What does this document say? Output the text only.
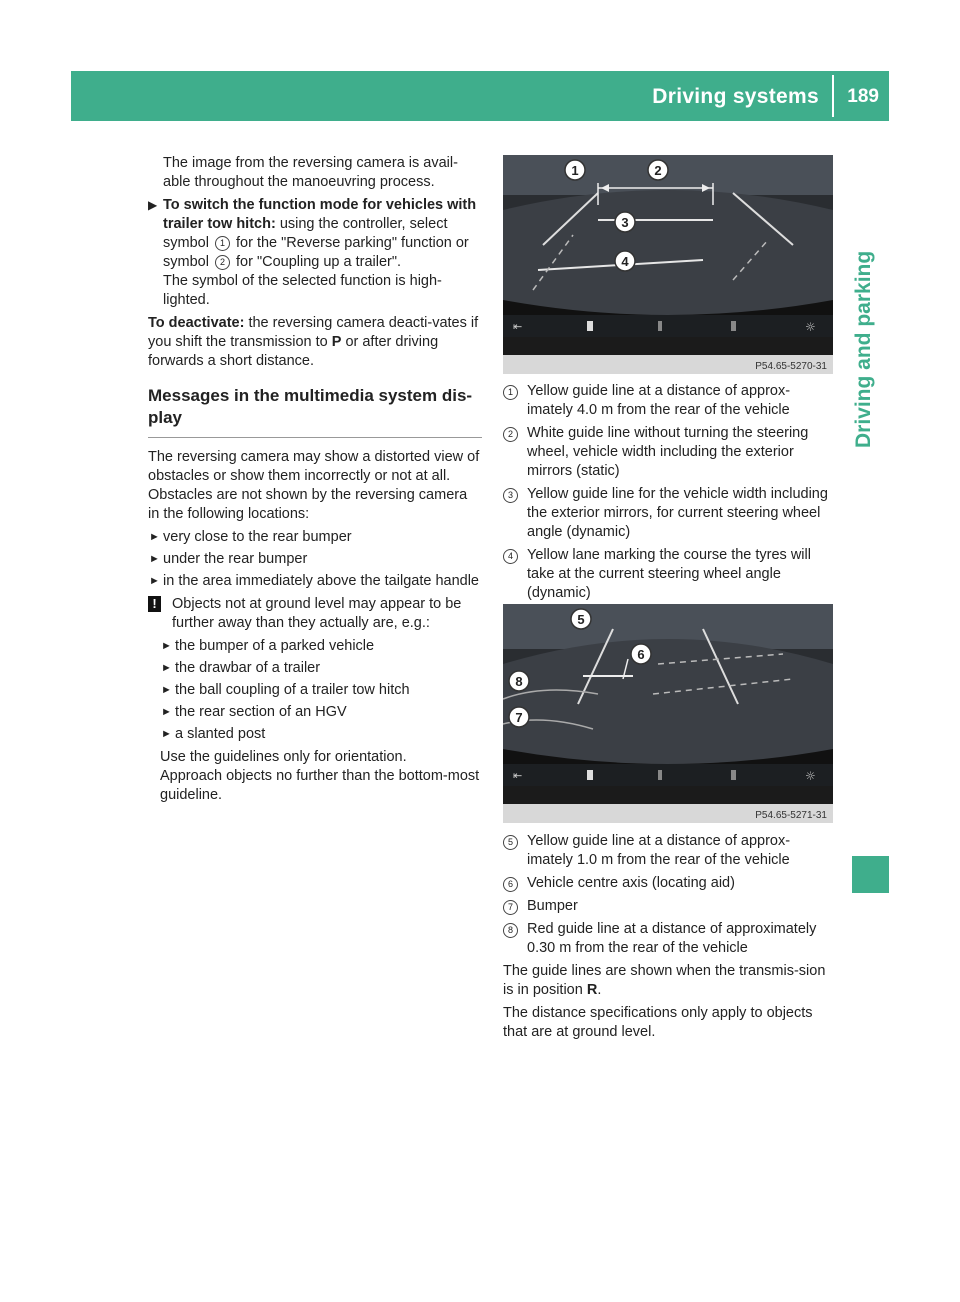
Driving systems 189
Driving and parking

The image from the reversing camera is avail-able throughout the manoeuvring process.

▶ To switch the function mode for vehicles with trailer tow hitch: using the controller, select symbol 1 for the "Reverse parking" function or symbol 2 for "Coupling up a trailer".
The symbol of the selected function is high-lighted.

To deactivate: the reversing camera deacti-vates if you shift the transmission to P or after driving forwards a short distance.

Messages in the multimedia system dis-play

The reversing camera may show a distorted view of obstacles or show them incorrectly or not at all. Obstacles are not shown by the reversing camera in the following locations:

► very close to the rear bumper
► under the rear bumper
► in the area immediately above the tailgate handle
! Objects not at ground level may appear to be further away than they actually are, e.g.:
► the bumper of a parked vehicle
► the drawbar of a trailer
► the ball coupling of a trailer tow hitch
► the rear section of an HGV
► a slanted post
Use the guidelines only for orientation.
Approach objects no further than the bottom-most guideline.
⇤	☼
P54.65-5270-31
1	2
3
4
⇤	☼
P54.65-5271-31
5
6
7
8
1 Yellow guide line at a distance of approx-imately 4.0 m from the rear of the vehicle
2 White guide line without turning the steering wheel, vehicle width including the exterior mirrors (static)
3 Yellow guide line for the vehicle width including the exterior mirrors, for current steering wheel angle (dynamic)
4 Yellow lane marking the course the tyres will take at the current steering wheel angle (dynamic)
5 Yellow guide line at a distance of approx-imately 1.0 m from the rear of the vehicle
6 Vehicle centre axis (locating aid)
7 Bumper
8 Red guide line at a distance of approximately 0.30 m from the rear of the vehicle

The guide lines are shown when the transmis-sion is in position R.

The distance specifications only apply to objects that are at ground level.
